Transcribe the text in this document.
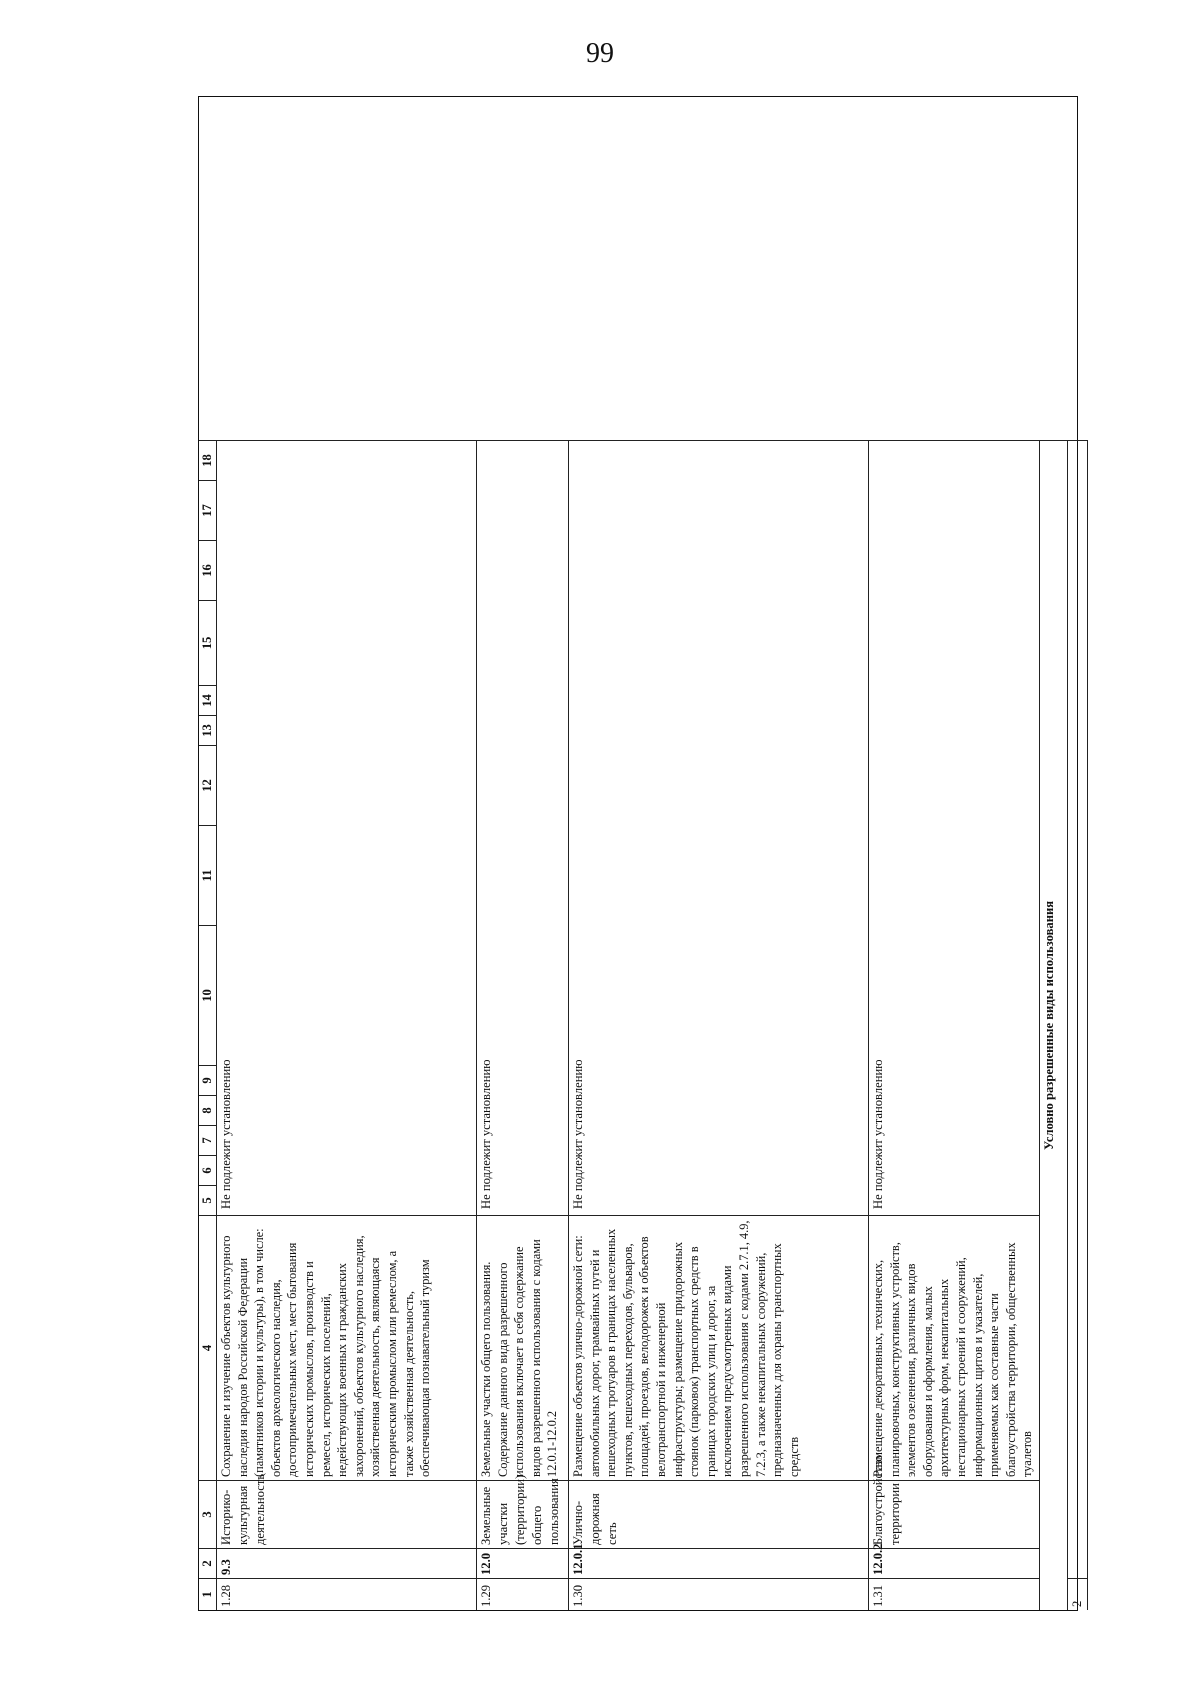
99
1
2
3
4
5
6
7
8
9
10
11
12
13
14
15
16
17
18
1.28
9.3
Историко-культурная деятельность
Сохранение и изучение объектов культурного наследия народов Российской Федерации (памятников истории и культуры), в том числе: объектов археологического наследия, достопримечательных мест, мест бытования исторических промыслов, производств и ремесел, исторических поселений, недействующих военных и гражданских захоронений, объектов культурного наследия, хозяйственная деятельность, являющаяся историческим промыслом или ремеслом, а также хозяйственная деятельность, обеспечивающая познавательный туризм
Не подлежит установлению
1.29
12.0
Земельные участки (территории) общего пользования
Земельные участки общего пользования. Содержание данного вида разрешенного использования включает в себя содержание видов разрешенного использования с кодами 12.0.1-12.0.2
Не подлежит установлению
1.30
12.0.1
Улично-дорожная сеть
Размещение объектов улично-дорожной сети: автомобильных дорог, трамвайных путей и пешеходных тротуаров в границах населенных пунктов, пешеходных переходов, бульваров, площадей, проездов, велодорожек и объектов велотранспортной и инженерной инфраструктуры; размещение придорожных стоянок (парковок) транспортных средств в границах городских улиц и дорог, за исключением предусмотренных видами разрешенного использования с кодами 2.7.1, 4.9, 7.2.3, а также некапитальных сооружений, предназначенных для охраны транспортных средств
Не подлежит установлению
1.31
12.0.2
Благоустройство территории
Размещение декоративных, технических, планировочных, конструктивных устройств, элементов озеленения, различных видов оборудования и оформления, малых архитектурных форм, некапитальных нестационарных строений и сооружений, информационных щитов и указателей, применяемых как составные части благоустройства территории, общественных туалетов
Не подлежит установлению	Условно разрешенные виды использования
2
